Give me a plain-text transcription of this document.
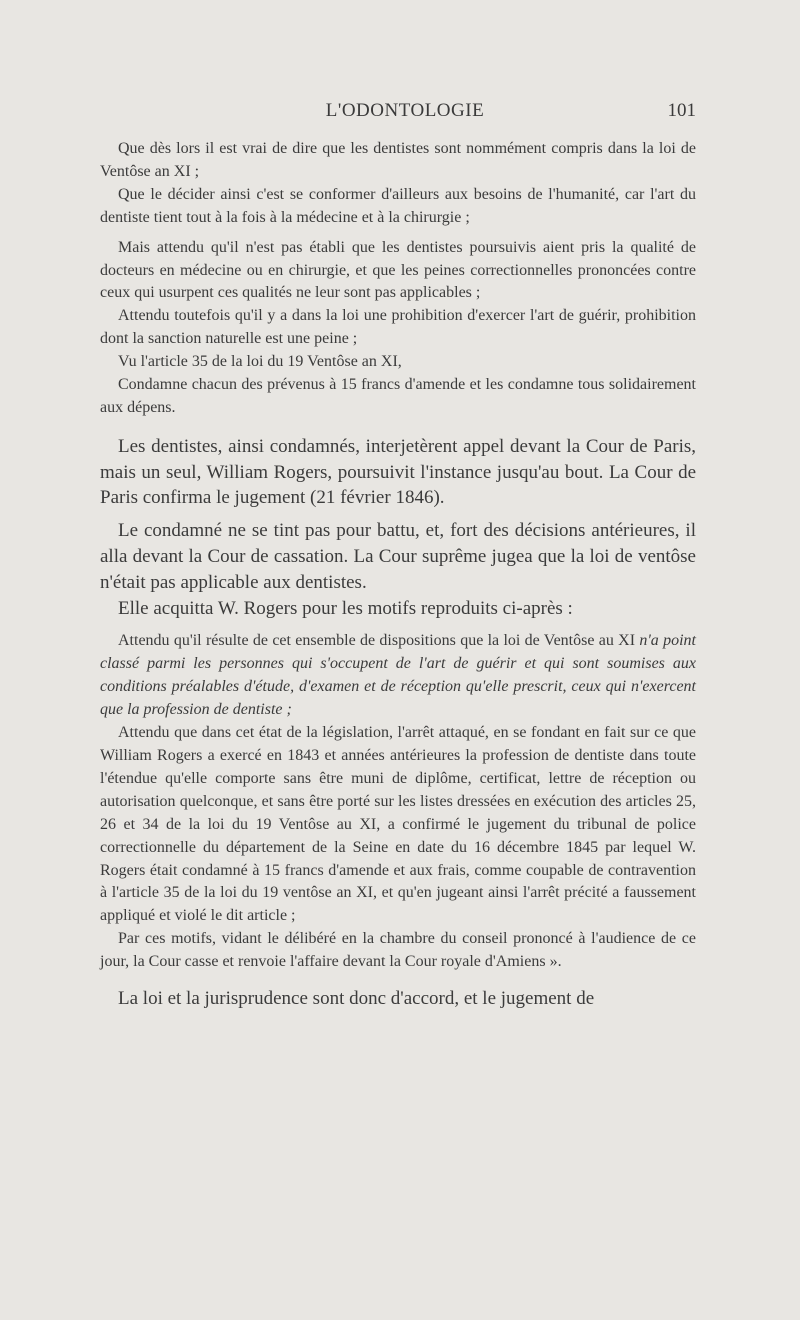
L'ODONTOLOGIE	101

Que dès lors il est vrai de dire que les dentistes sont nommément compris dans la loi de Ventôse an XI ;

Que le décider ainsi c'est se conformer d'ailleurs aux besoins de l'humanité, car l'art du dentiste tient tout à la fois à la médecine et à la chirurgie ;

Mais attendu qu'il n'est pas établi que les dentistes poursuivis aient pris la qualité de docteurs en médecine ou en chirurgie, et que les peines correctionnelles prononcées contre ceux qui usurpent ces qualités ne leur sont pas applicables ;

Attendu toutefois qu'il y a dans la loi une prohibition d'exercer l'art de guérir, prohibition dont la sanction naturelle est une peine ;

Vu l'article 35 de la loi du 19 Ventôse an XI,

Condamne chacun des prévenus à 15 francs d'amende et les condamne tous solidairement aux dépens.

Les dentistes, ainsi condamnés, interjetèrent appel devant la Cour de Paris, mais un seul, William Rogers, poursuivit l'instance jusqu'au bout. La Cour de Paris confirma le jugement (21 février 1846).

Le condamné ne se tint pas pour battu, et, fort des décisions antérieures, il alla devant la Cour de cassation. La Cour suprême jugea que la loi de ventôse n'était pas applicable aux dentistes.

Elle acquitta W. Rogers pour les motifs reproduits ci-après :

Attendu qu'il résulte de cet ensemble de dispositions que la loi de Ventôse au XI n'a point classé parmi les personnes qui s'occupent de l'art de guérir et qui sont soumises aux conditions préalables d'étude, d'examen et de réception qu'elle prescrit, ceux qui n'exercent que la profession de dentiste ;

Attendu que dans cet état de la législation, l'arrêt attaqué, en se fondant en fait sur ce que William Rogers a exercé en 1843 et années antérieures la profession de dentiste dans toute l'étendue qu'elle comporte sans être muni de diplôme, certificat, lettre de réception ou autorisation quelconque, et sans être porté sur les listes dressées en exécution des articles 25, 26 et 34 de la loi du 19 Ventôse au XI, a confirmé le jugement du tribunal de police correctionnelle du département de la Seine en date du 16 décembre 1845 par lequel W. Rogers était condamné à 15 francs d'amende et aux frais, comme coupable de contravention à l'article 35 de la loi du 19 ventôse an XI, et qu'en jugeant ainsi l'arrêt précité a faussement appliqué et violé le dit article ;

Par ces motifs, vidant le délibéré en la chambre du conseil prononcé à l'audience de ce jour, la Cour casse et renvoie l'affaire devant la Cour royale d'Amiens ».

La loi et la jurisprudence sont donc d'accord, et le jugement de
